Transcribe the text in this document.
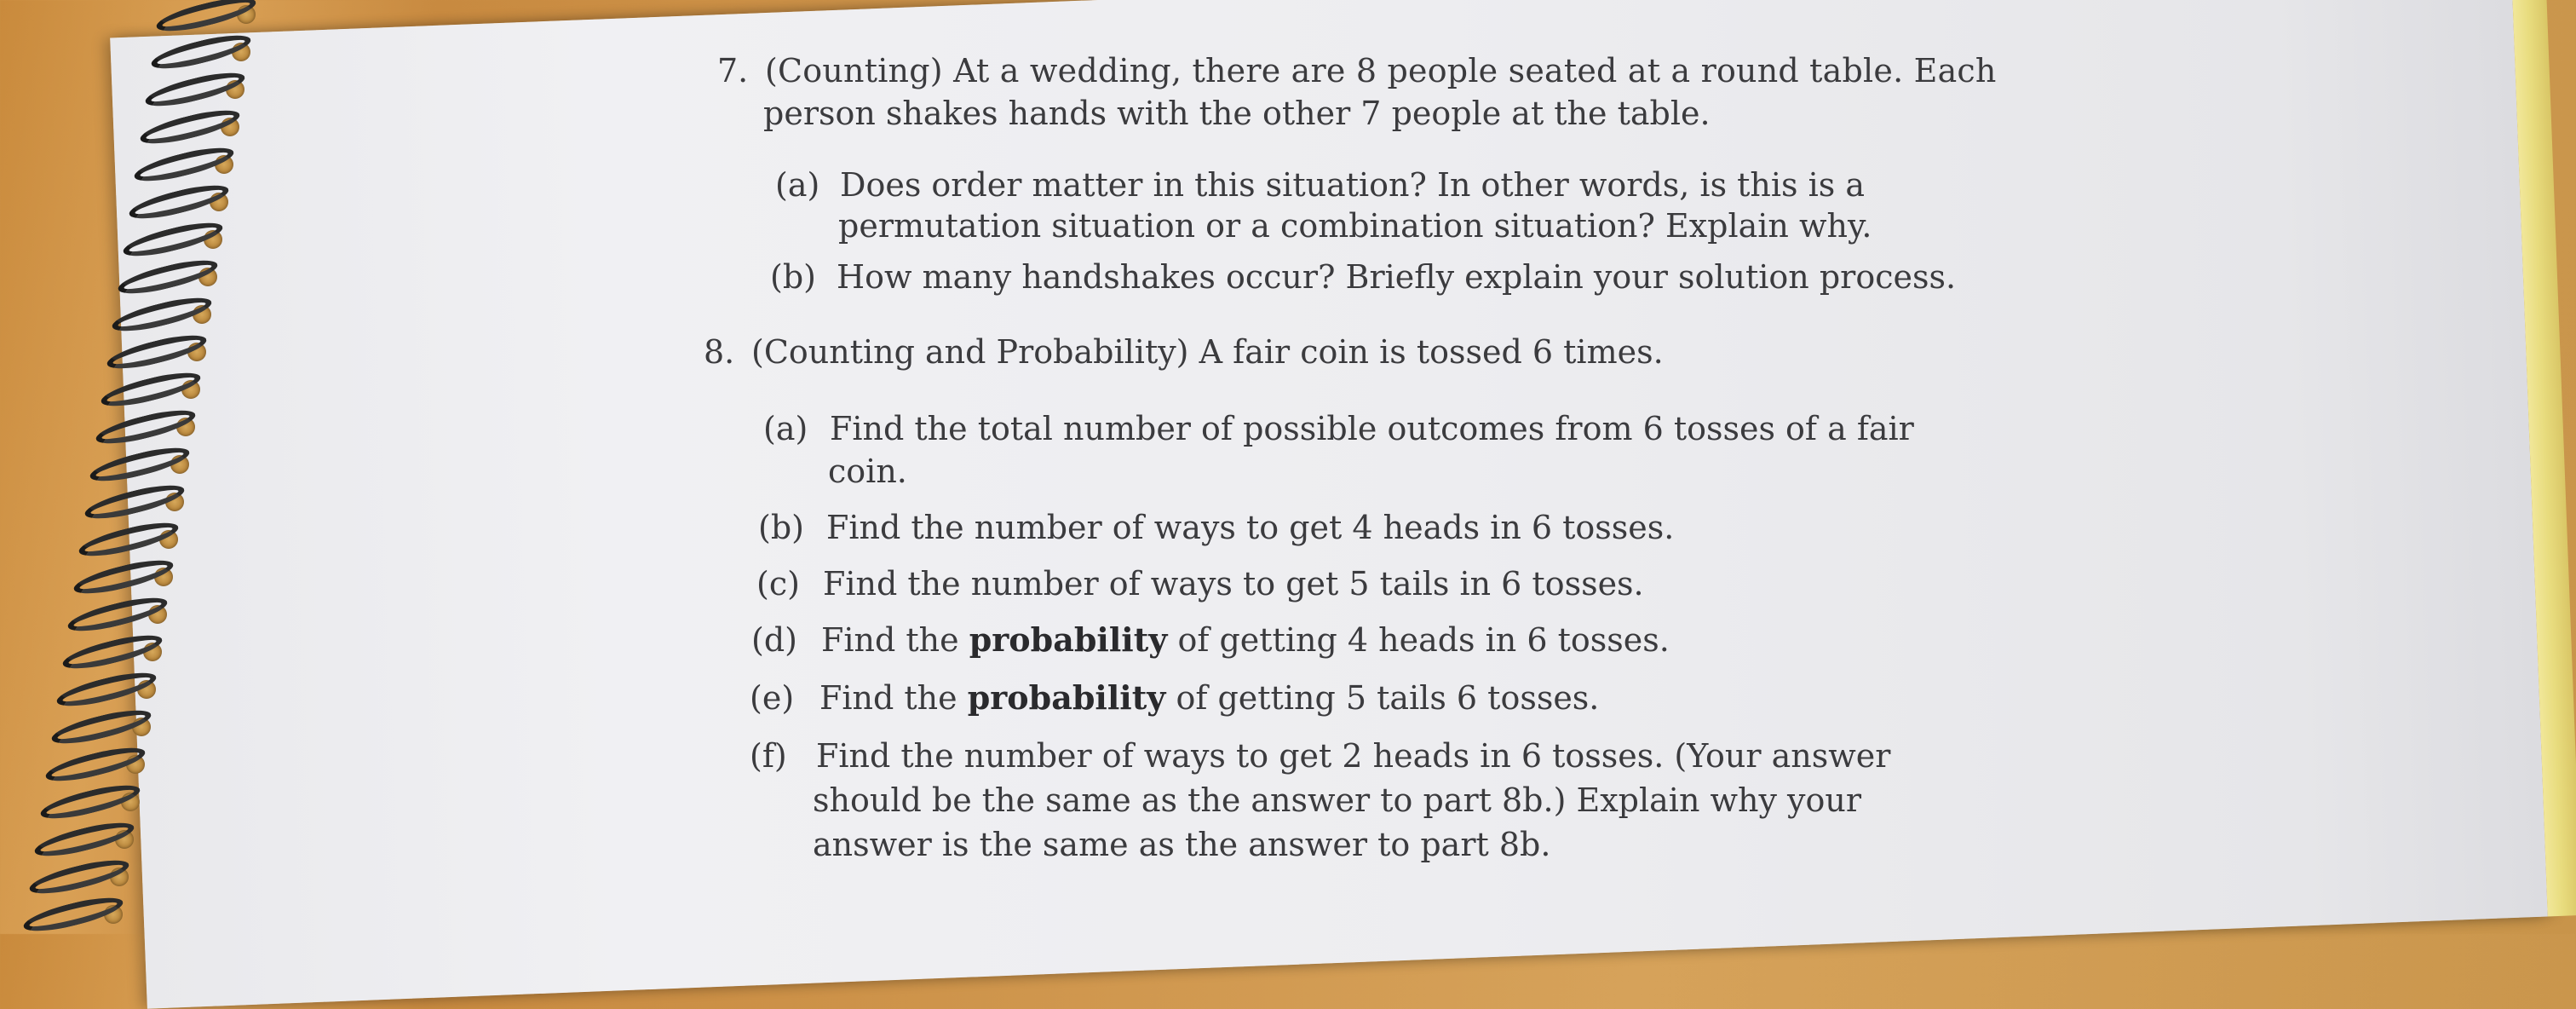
7. (Counting) At a wedding, there are 8 people seated at a round table. Each
person shakes hands with the other 7 people at the table.
(a) Does order matter in this situation? In other words, is this is a
permutation situation or a combination situation? Explain why.
(b) How many handshakes occur? Briefly explain your solution process.
8. (Counting and Probability) A fair coin is tossed 6 times.
(a) Find the total number of possible outcomes from 6 tosses of a fair
coin.
(b) Find the number of ways to get 4 heads in 6 tosses.
(c) Find the number of ways to get 5 tails in 6 tosses.
(d) Find the probability of getting 4 heads in 6 tosses.
(e) Find the probability of getting 5 tails 6 tosses.
(f) Find the number of ways to get 2 heads in 6 tosses. (Your answer
should be the same as the answer to part 8b.) Explain why your
answer is the same as the answer to part 8b.
